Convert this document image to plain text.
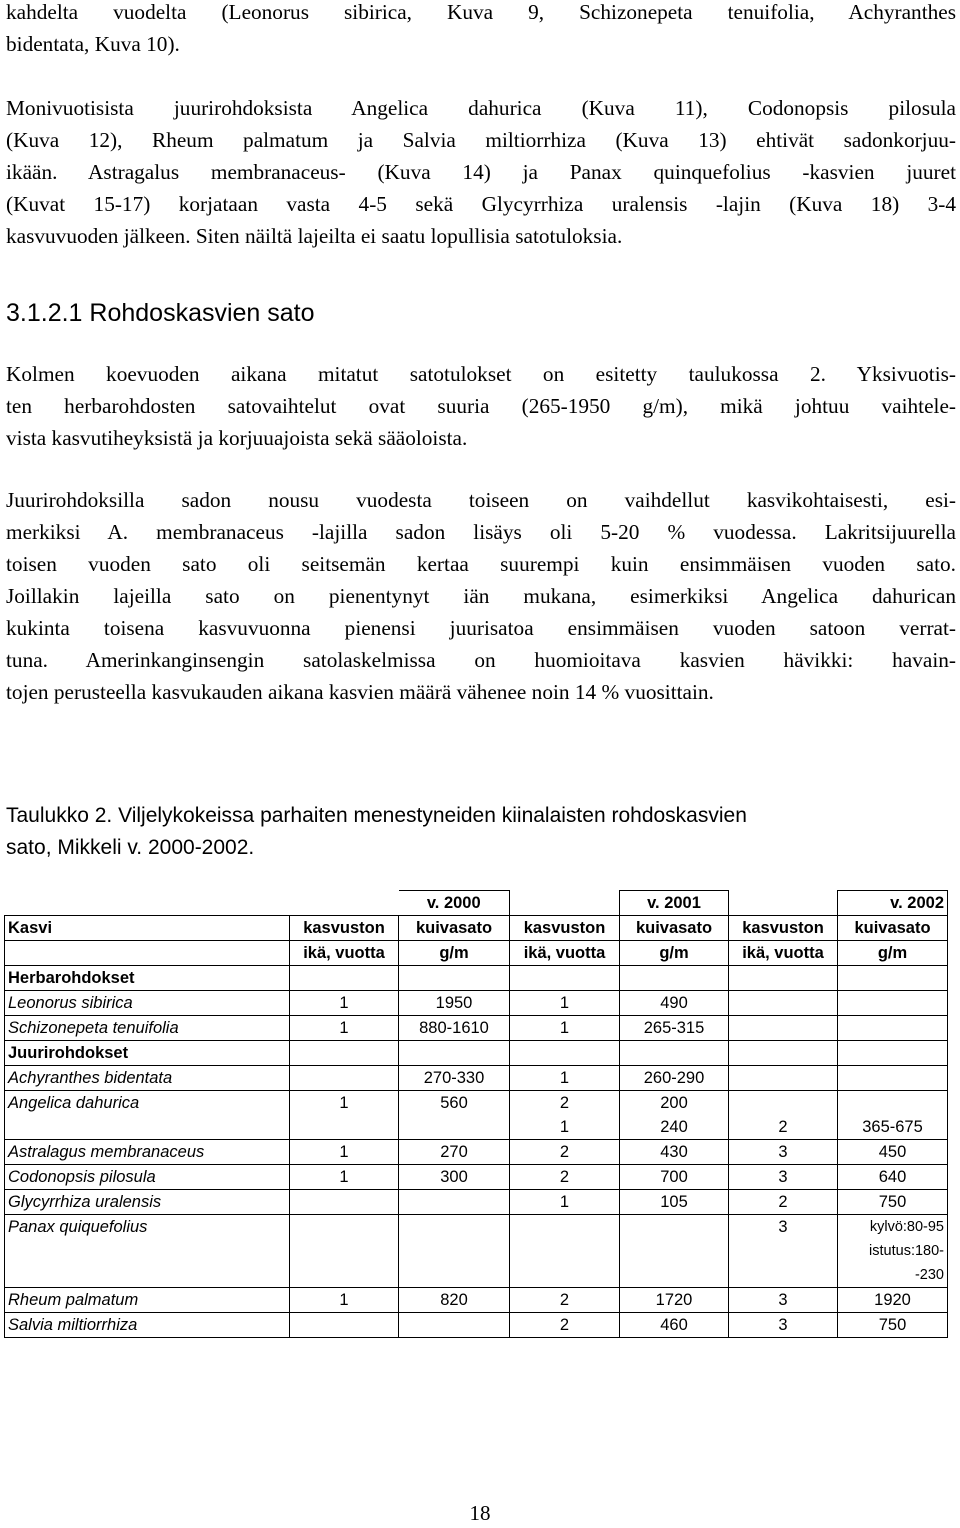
kahdelta vuodelta (Leonorus sibirica, Kuva 9, Schizonepeta tenuifolia, Achyranthes
bidentata, Kuva 10).
Monivuotisista juurirohdoksista Angelica dahurica (Kuva 11), Codonopsis pilosula
(Kuva 12), Rheum palmatum ja Salvia miltiorrhiza (Kuva 13) ehtivät sadonkorjuu-
ikään. Astragalus membranaceus- (Kuva 14) ja Panax quinquefolius -kasvien juuret
(Kuvat 15-17) korjataan vasta 4-5 sekä Glycyrrhiza uralensis -lajin (Kuva 18) 3-4
kasvuvuoden jälkeen. Siten näiltä lajeilta ei saatu lopullisia satotuloksia.
3.1.2.1 Rohdoskasvien sato
Kolmen koevuoden aikana mitatut satotulokset on esitetty taulukossa 2. Yksivuotis-
ten herbarohdosten satovaihtelut ovat suuria (265-1950 g/m), mikä johtuu vaihtele-
vista kasvutiheyksistä ja korjuuajoista sekä sääoloista.
Juurirohdoksilla sadon nousu vuodesta toiseen on vaihdellut kasvikohtaisesti, esi-
merkiksi A. membranaceus -lajilla sadon lisäys oli 5-20 % vuodessa. Lakritsijuurella
toisen vuoden sato oli seitsemän kertaa suurempi kuin ensimmäisen vuoden sato.
Joillakin lajeilla sato on pienentynyt iän mukana, esimerkiksi Angelica dahurican
kukinta toisena kasvuvuonna pienensi juurisatoa ensimmäisen vuoden satoon verrat-
tuna. Amerinkanginsengin satolaskelmissa on huomioitava kasvien hävikki: havain-
tojen perusteella kasvukauden aikana kasvien määrä vähenee noin 14 % vuosittain.
Taulukko 2. Viljelykokeissa parhaiten menestyneiden kiinalaisten rohdoskasvien
sato, Mikkeli v. 2000-2002.
		v. 2000		v. 2001		v. 2002
Kasvi	kasvuston	kuivasato	kasvuston	kuivasato	kasvuston	kuivasato
	ikä, vuotta	g/m	ikä, vuotta	g/m	ikä, vuotta	g/m
Herbarohdokset						
Leonorus sibirica	1	1950	1	490		
Schizonepeta tenuifolia	1	880-1610	1	265-315		
Juurirohdokset						
Achyranthes bidentata		270-330	1	260-290		
Angelica dahurica	1	560	2	200		
			1	240	2	365-675
Astralagus membranaceus	1	270	2	430	3	450
Codonopsis pilosula	1	300	2	700	3	640
Glycyrrhiza uralensis			1	105	2	750
Panax quiquefolius					3	kylvö:80-95
istutus:180-
-230

Rheum palmatum	1	820	2	1720	3	1920
Salvia miltiorrhiza			2	460	3	750
18
